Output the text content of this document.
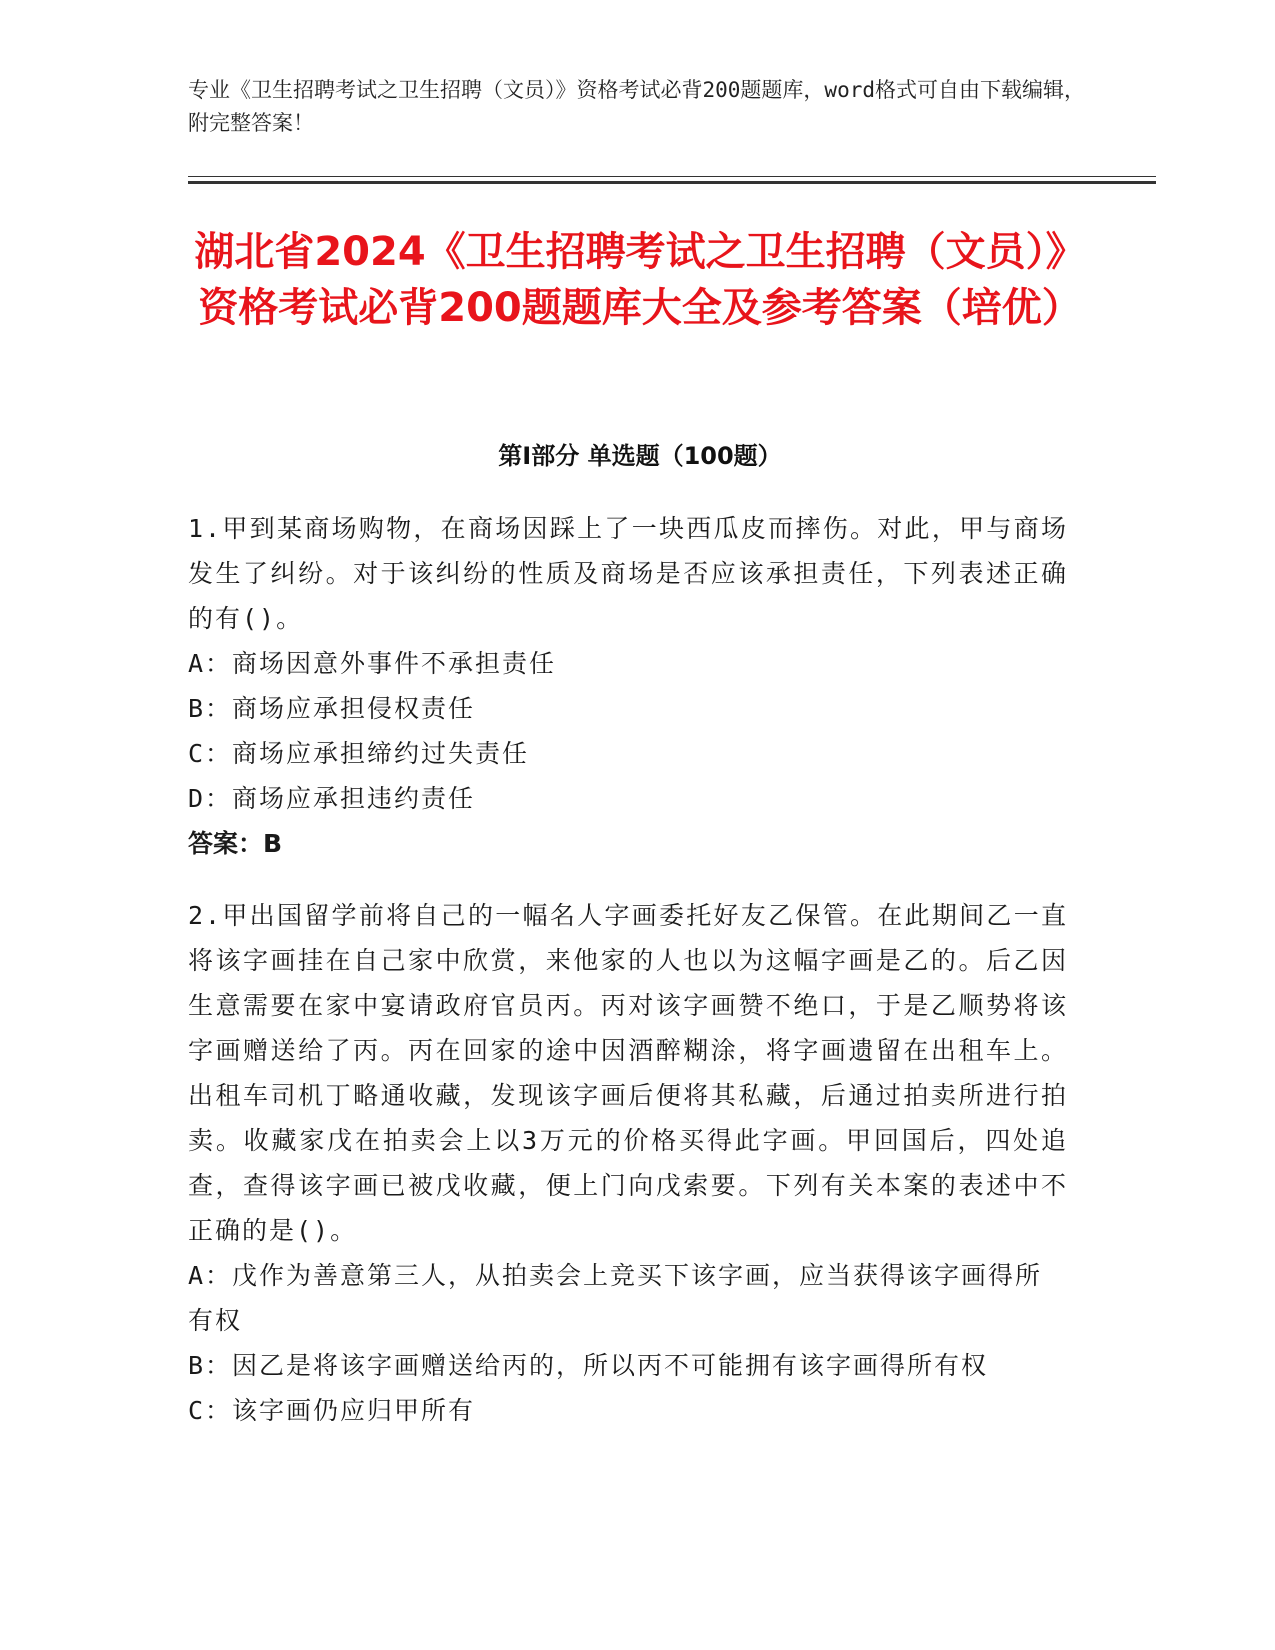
专业《卫生招聘考试之卫生招聘（文员）》资格考试必背200题题库，word格式可自由下载编辑，附完整答案！
湖北省2024《卫生招聘考试之卫生招聘（文员）》资格考试必背200题题库大全及参考答案（培优）
第I部分 单选题（100题）

1.甲到某商场购物，在商场因踩上了一块西瓜皮而摔伤。对此，甲与商场发生了纠纷。对于该纠纷的性质及商场是否应该承担责任，下列表述正确的有()。

A：商场因意外事件不承担责任

B：商场应承担侵权责任

C：商场应承担缔约过失责任

D：商场应承担违约责任

答案：B

2.甲出国留学前将自己的一幅名人字画委托好友乙保管。在此期间乙一直将该字画挂在自己家中欣赏，来他家的人也以为这幅字画是乙的。后乙因生意需要在家中宴请政府官员丙。丙对该字画赞不绝口，于是乙顺势将该字画赠送给了丙。丙在回家的途中因酒醉糊涂，将字画遗留在出租车上。出租车司机丁略通收藏，发现该字画后便将其私藏，后通过拍卖所进行拍卖。收藏家戊在拍卖会上以3万元的价格买得此字画。甲回国后，四处追查，查得该字画已被戊收藏，便上门向戊索要。下列有关本案的表述中不正确的是()。

A：戊作为善意第三人，从拍卖会上竞买下该字画，应当获得该字画得所有权

B：因乙是将该字画赠送给丙的，所以丙不可能拥有该字画得所有权

C：该字画仍应归甲所有
